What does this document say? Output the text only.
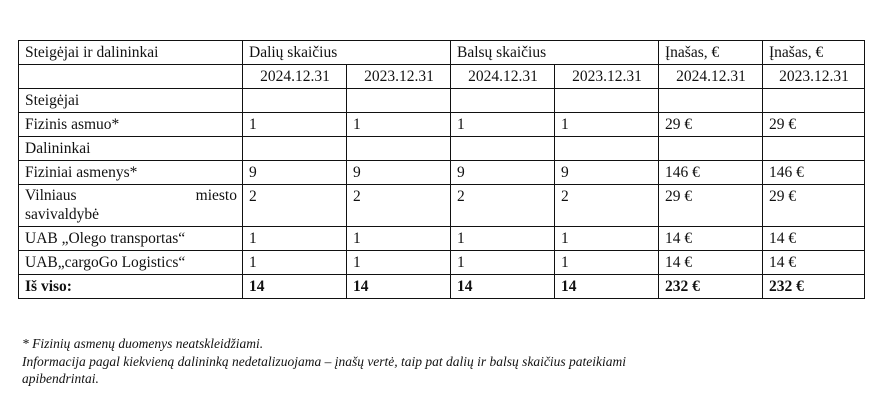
Steigėjai ir dalininkai	Dalių skaičius		Balsų skaičius		Įnašas, €	Įnašas, €
	2024.12.31	2023.12.31	2024.12.31	2023.12.31	2024.12.31	2023.12.31
Steigėjai						
Fizinis asmuo*	1	1	1	1	29 €	29 €
Dalininkai						
Fiziniai asmenys*	9	9	9	9	146 €	146 €

Vilniaus miesto
savivaldybė	2	2	2	2	29 €	29 €
UAB „Olego transportas“	1	1	1	1	14 €	14 €
UAB„cargoGo Logistics“	1	1	1	1	14 €	14 €
Iš viso:	14	14	14	14	232 €	232 €
* Fizinių asmenų duomenys neatskleidžiami.
Informacija pagal kiekvieną dalininką nedetalizuojama – įnašų vertė, taip pat dalių ir balsų skaičius pateikiami
apibendrintai.
